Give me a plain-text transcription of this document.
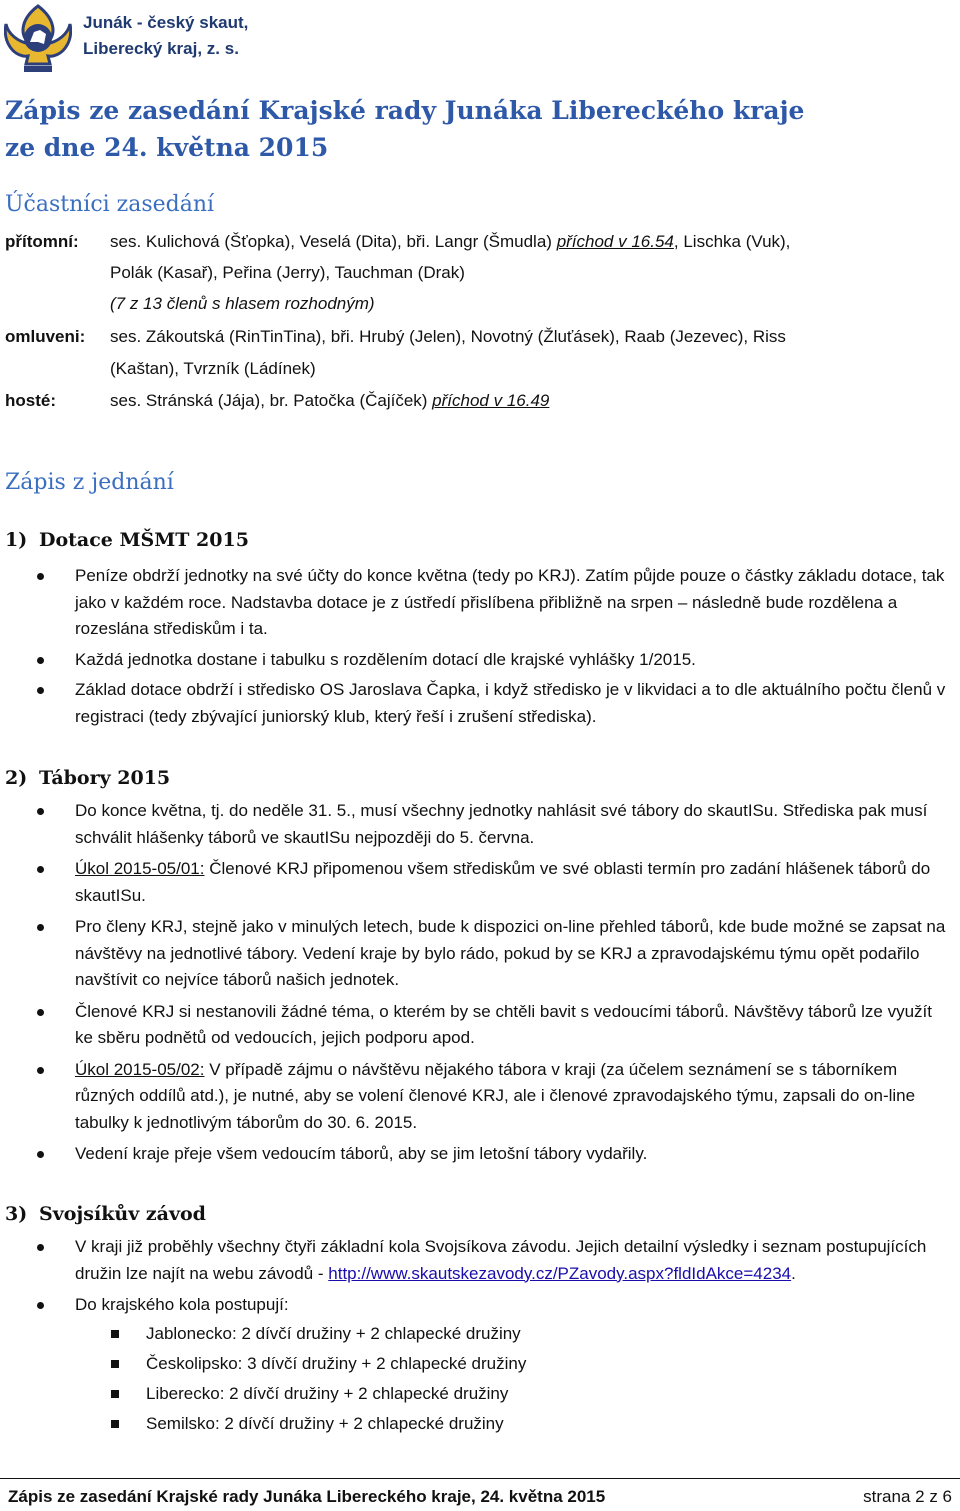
Junák - český skaut,
Liberecký kraj, z. s.
Zápis ze zasedání Krajské rady Junáka Libereckého kraje
ze dne 24. května 2015
Účastníci zasedání
přítomní: ses. Kulichová (Šťopka), Veselá (Dita), bři. Langr (Šmudla) příchod v 16.54, Lischka (Vuk),
Polák (Kasař), Peřina (Jerry), Tauchman (Drak)
(7 z 13 členů s hlasem rozhodným)
omluveni: ses. Zákoutská (RinTinTina), bři. Hrubý (Jelen), Novotný (Žluťásek), Raab (Jezevec), Riss
(Kaštan), Tvrzník (Ládínek)
hosté:	ses. Stránská (Jája), br. Patočka (Čajíček) příchod v 16.49
Zápis z jednání
1) Dotace MŠMT 2015
Peníze obdrží jednotky na své účty do konce května (tedy po KRJ). Zatím půjde pouze o částky základu dotace, tak jako v každém roce. Nadstavba dotace je z ústředí přislíbena přibližně na srpen – následně bude rozdělena a rozeslána střediskům i ta.
Každá jednotka dostane i tabulku s rozdělením dotací dle krajské vyhlášky 1/2015.
Základ dotace obdrží i středisko OS Jaroslava Čapka, i když středisko je v likvidaci a to dle aktuálního počtu členů v registraci (tedy zbývající juniorský klub, který řeší i zrušení střediska).
2) Tábory 2015
Do konce května, tj. do neděle 31. 5., musí všechny jednotky nahlásit své tábory do skautISu. Střediska pak musí schválit hlášenky táborů ve skautISu nejpozději do 5. června.
Úkol 2015-05/01: Členové KRJ připomenou všem střediskům ve své oblasti termín pro zadání hlášenek táborů do skautISu.
Pro členy KRJ, stejně jako v minulých letech, bude k dispozici on-line přehled táborů, kde bude možné se zapsat na návštěvy na jednotlivé tábory. Vedení kraje by bylo rádo, pokud by se KRJ a zpravodajskému týmu opět podařilo navštívit co nejvíce táborů našich jednotek.
Členové KRJ si nestanovili žádné téma, o kterém by se chtěli bavit s vedoucími táborů. Návštěvy táborů lze využít ke sběru podnětů od vedoucích, jejich podporu apod.
Úkol 2015-05/02: V případě zájmu o návštěvu nějakého tábora v kraji (za účelem seznámení se s táborníkem různých oddílů atd.), je nutné, aby se volení členové KRJ, ale i členové zpravodajského týmu, zapsali do on-line tabulky k jednotlivým táborům do 30. 6. 2015.
Vedení kraje přeje všem vedoucím táborů, aby se jim letošní tábory vydařily.
3) Svojsíkův závod
V kraji již proběhly všechny čtyři základní kola Svojsíkova závodu. Jejich detailní výsledky i seznam postupujících družin lze najít na webu závodů - http://www.skautskezavody.cz/PZavody.aspx?fldIdAkce=4234.
Do krajského kola postupují:
Jablonecko: 2 dívčí družiny + 2 chlapecké družiny
Českolipsko: 3 dívčí družiny + 2 chlapecké družiny
Liberecko: 2 dívčí družiny + 2 chlapecké družiny
Semilsko: 2 dívčí družiny + 2 chlapecké družiny
Zápis ze zasedání Krajské rady Junáka Libereckého kraje, 24. května 2015	strana 2 z 6
